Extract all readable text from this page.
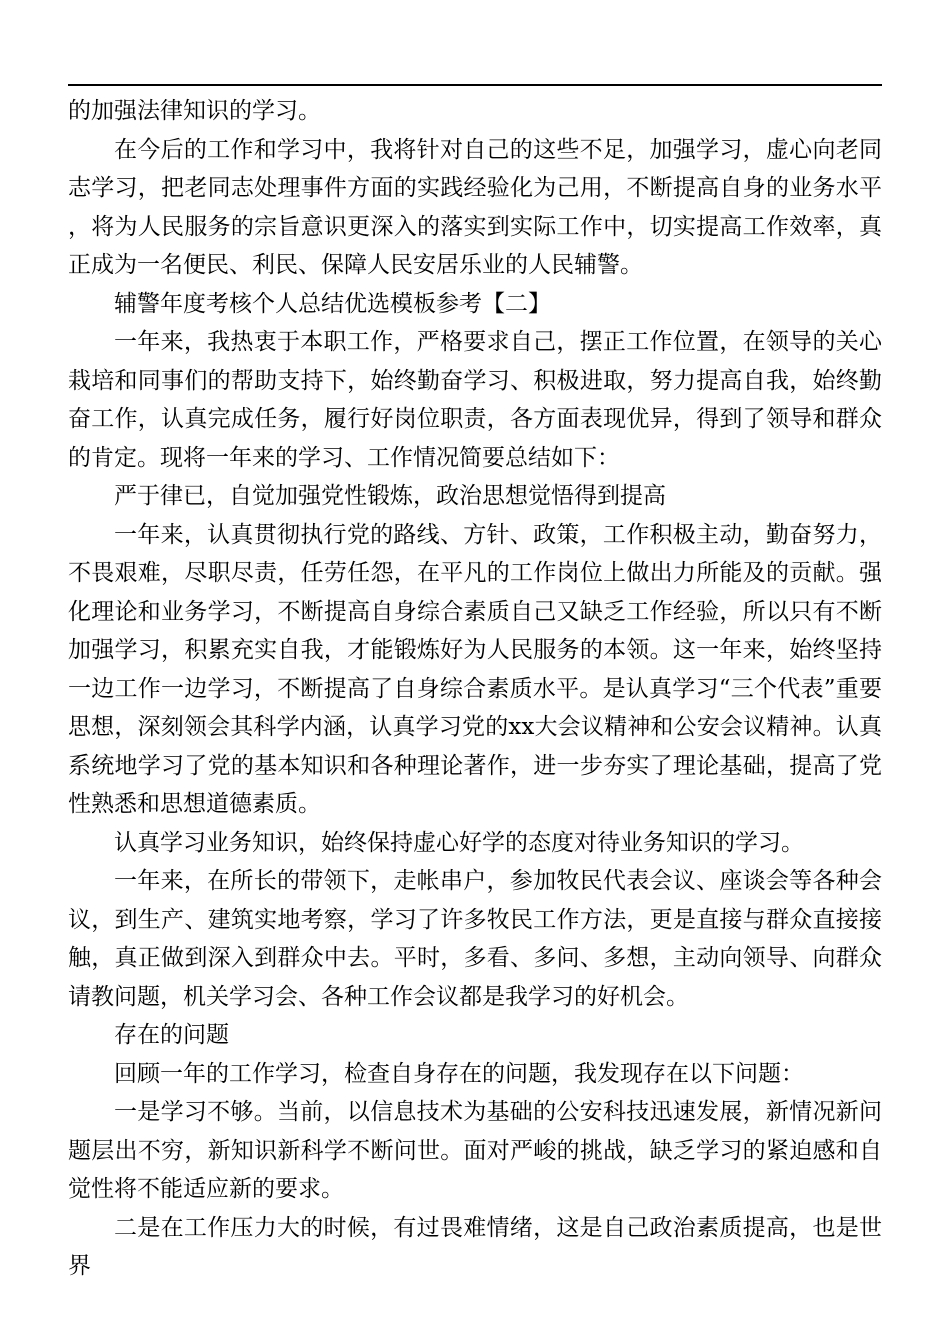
的加强法律知识的学习。

在今后的工作和学习中，我将针对自己的这些不足，加强学习，虚心向老同志学习，把老同志处理事件方面的实践经验化为己用，不断提高自身的业务水平，将为人民服务的宗旨意识更深入的落实到实际工作中，切实提高工作效率，真正成为一名便民、利民、保障人民安居乐业的人民辅警。

辅警年度考核个人总结优选模板参考【二】

一年来，我热衷于本职工作，严格要求自己，摆正工作位置，在领导的关心栽培和同事们的帮助支持下，始终勤奋学习、积极进取，努力提高自我，始终勤奋工作，认真完成任务，履行好岗位职责，各方面表现优异，得到了领导和群众的肯定。现将一年来的学习、工作情况简要总结如下：

严于律已，自觉加强党性锻炼，政治思想觉悟得到提高

一年来，认真贯彻执行党的路线、方针、政策，工作积极主动，勤奋努力，不畏艰难，尽职尽责，任劳任怨，在平凡的工作岗位上做出力所能及的贡献。强化理论和业务学习，不断提高自身综合素质自己又缺乏工作经验，所以只有不断加强学习，积累充实自我，才能锻炼好为人民服务的本领。这一年来，始终坚持一边工作一边学习，不断提高了自身综合素质水平。是认真学习“三个代表”重要思想，深刻领会其科学内涵，认真学习党的xx大会议精神和公安会议精神。认真系统地学习了党的基本知识和各种理论著作，进一步夯实了理论基础，提高了党性熟悉和思想道德素质。

认真学习业务知识，始终保持虚心好学的态度对待业务知识的学习。

一年来，在所长的带领下，走帐串户，参加牧民代表会议、座谈会等各种会议，到生产、建筑实地考察，学习了许多牧民工作方法，更是直接与群众直接接触，真正做到深入到群众中去。平时，多看、多问、多想，主动向领导、向群众请教问题，机关学习会、各种工作会议都是我学习的好机会。

存在的问题

回顾一年的工作学习，检查自身存在的问题，我发现存在以下问题：

一是学习不够。当前，以信息技术为基础的公安科技迅速发展，新情况新问题层出不穷，新知识新科学不断问世。面对严峻的挑战，缺乏学习的紧迫感和自觉性将不能适应新的要求。

二是在工作压力大的时候，有过畏难情绪，这是自己政治素质提高，也是世界
